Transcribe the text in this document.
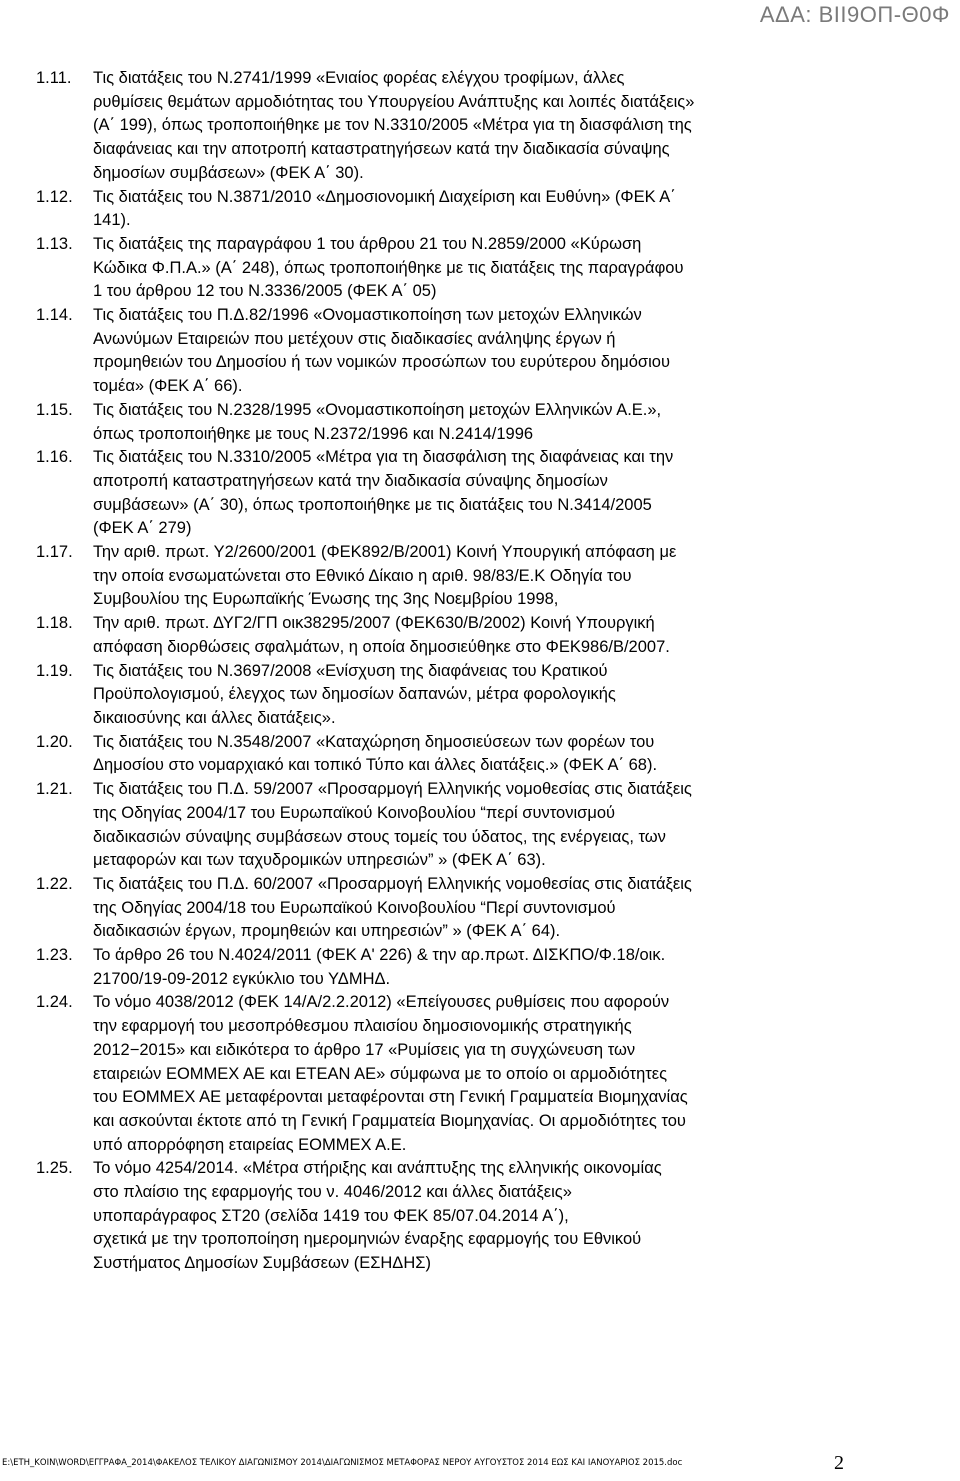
ΑΔΑ: ΒΙΙ9ΟΠ-Θ0Φ
1.11.	Τις διατάξεις του Ν.2741/1999 «Ενιαίος φορέας ελέγχου τροφίμων, άλλες
ρυθμίσεις θεμάτων αρμοδιότητας του Υπουργείου Ανάπτυξης και λοιπές διατάξεις»
(Α΄ 199), όπως τροποποιήθηκε με τον Ν.3310/2005 «Μέτρα για τη διασφάλιση της
διαφάνειας και την αποτροπή καταστρατηγήσεων κατά την διαδικασία σύναψης
δημοσίων συμβάσεων» (ΦΕΚ Α΄ 30).
1.12.	Τις διατάξεις του Ν.3871/2010 «Δημοσιονομική Διαχείριση και Ευθύνη» (ΦΕΚ Α΄
141).
1.13.	Τις διατάξεις της παραγράφου 1 του άρθρου 21 του Ν.2859/2000 «Κύρωση
Κώδικα Φ.Π.Α.» (Α΄ 248), όπως τροποποιήθηκε με τις διατάξεις της παραγράφου
1 του άρθρου 12 του Ν.3336/2005 (ΦΕΚ Α΄ 05)
1.14.	Τις διατάξεις του Π.Δ.82/1996 «Ονομαστικοποίηση των μετοχών Ελληνικών
Ανωνύμων Εταιρειών που μετέχουν στις διαδικασίες ανάληψης έργων ή
προμηθειών του Δημοσίου ή των νομικών προσώπων του ευρύτερου δημόσιου
τομέα» (ΦΕΚ Α΄ 66).
1.15.	Τις διατάξεις του Ν.2328/1995 «Ονομαστικοποίηση μετοχών Ελληνικών Α.Ε.»,
όπως τροποποιήθηκε με τους Ν.2372/1996 και Ν.2414/1996
1.16.	Τις διατάξεις του Ν.3310/2005 «Μέτρα για τη διασφάλιση της διαφάνειας και την
αποτροπή καταστρατηγήσεων κατά την διαδικασία σύναψης δημοσίων
συμβάσεων» (Α΄ 30), όπως τροποποιήθηκε με τις διατάξεις του Ν.3414/2005
(ΦΕΚ Α΄ 279)
1.17.	Την αριθ. πρωτ. Υ2/2600/2001 (ΦΕΚ892/Β/2001) Κοινή Υπουργική απόφαση με
την οποία ενσωματώνεται στο Εθνικό Δίκαιο η αριθ. 98/83/Ε.Κ Οδηγία του
Συμβουλίου της Ευρωπαϊκής Ένωσης της 3ης Νοεμβρίου 1998,
1.18.	Την αριθ. πρωτ. ΔΥΓ2/ΓΠ οικ38295/2007 (ΦΕΚ630/Β/2002) Κοινή Υπουργική
απόφαση διορθώσεις σφαλμάτων, η οποία δημοσιεύθηκε στο ΦΕΚ986/Β/2007.
1.19.	Τις διατάξεις του Ν.3697/2008 «Ενίσχυση της διαφάνειας του Κρατικού
Προϋπολογισμού, έλεγχος των δημοσίων δαπανών, μέτρα φορολογικής
δικαιοσύνης και άλλες διατάξεις».
1.20.	Τις διατάξεις του Ν.3548/2007 «Καταχώρηση δημοσιεύσεων των φορέων του
Δημοσίου στο νομαρχιακό και τοπικό Τύπο και άλλες διατάξεις.» (ΦΕΚ Α΄ 68).
1.21.	Τις διατάξεις του Π.Δ. 59/2007 «Προσαρμογή Ελληνικής νομοθεσίας στις διατάξεις
της Οδηγίας 2004/17 του Ευρωπαϊκού Κοινοβουλίου “περί συντονισμού
διαδικασιών σύναψης συμβάσεων στους τομείς του ύδατος, της ενέργειας, των
μεταφορών και των ταχυδρομικών υπηρεσιών” » (ΦΕΚ Α΄ 63).
1.22.	Τις διατάξεις του Π.Δ. 60/2007 «Προσαρμογή Ελληνικής νομοθεσίας στις διατάξεις
της Οδηγίας 2004/18 του Ευρωπαϊκού Κοινοβουλίου “Περί συντονισμού
διαδικασιών έργων, προμηθειών και υπηρεσιών” » (ΦΕΚ Α΄ 64).
1.23.	Το άρθρο 26 του Ν.4024/2011 (ΦΕΚ Α' 226) & την αρ.πρωτ. ΔΙΣΚΠΟ/Φ.18/οικ.
21700/19-09-2012 εγκύκλιο του ΥΔΜΗΔ.
1.24.	Το νόμο 4038/2012 (ΦΕΚ 14/Α/2.2.2012) «Επείγουσες ρυθμίσεις που αφορούν
την εφαρμογή του μεσοπρόθεσμου πλαισίου δημοσιονομικής στρατηγικής
2012−2015» και ειδικότερα το άρθρο 17 «Ρυμίσεις για τη συγχώνευση των
εταιρειών ΕΟΜΜΕΧ ΑΕ και ΕΤΕΑΝ ΑΕ» σύμφωνα με το οποίο οι αρμοδιότητες
του ΕΟΜΜΕΧ ΑΕ μεταφέρονται μεταφέρονται στη Γενική Γραμματεία Βιομηχανίας
και ασκούνται έκτοτε από τη Γενική Γραμματεία Βιομηχανίας. Οι αρμοδιότητες του
υπό απορρόφηση εταιρείας ΕΟΜΜΕΧ Α.Ε.
1.25.	Το νόμο 4254/2014. «Μέτρα στήριξης και ανάπτυξης της ελληνικής οικονομίας
στο πλαίσιο της εφαρμογής του ν. 4046/2012 και άλλες διατάξεις»
υποπαράγραφος ΣΤ20 (σελίδα 1419 του ΦΕΚ 85/07.04.2014 Α΄),
σχετικά με την τροποποίηση ημερομηνιών έναρξης εφαρμογής του Εθνικού
Συστήματος Δημοσίων Συμβάσεων (ΕΣΗΔΗΣ)
E:\ΕΤΗ_ΚΟΙΝ\WORD\ΕΓΓΡΑΦΑ_2014\ΦΑΚΕΛΟΣ ΤΕΛΙΚΟΥ ΔΙΑΓΩΝΙΣΜΟΥ 2014\ΔΙΑΓΩΝΙΣΜΟΣ ΜΕΤΑΦΟΡΑΣ ΝΕΡΟΥ ΑΥΓΟΥΣΤΟΣ 2014 ΕΩΣ ΚΑΙ ΙΑΝΟΥΑΡΙΟΣ 2015.doc	2
